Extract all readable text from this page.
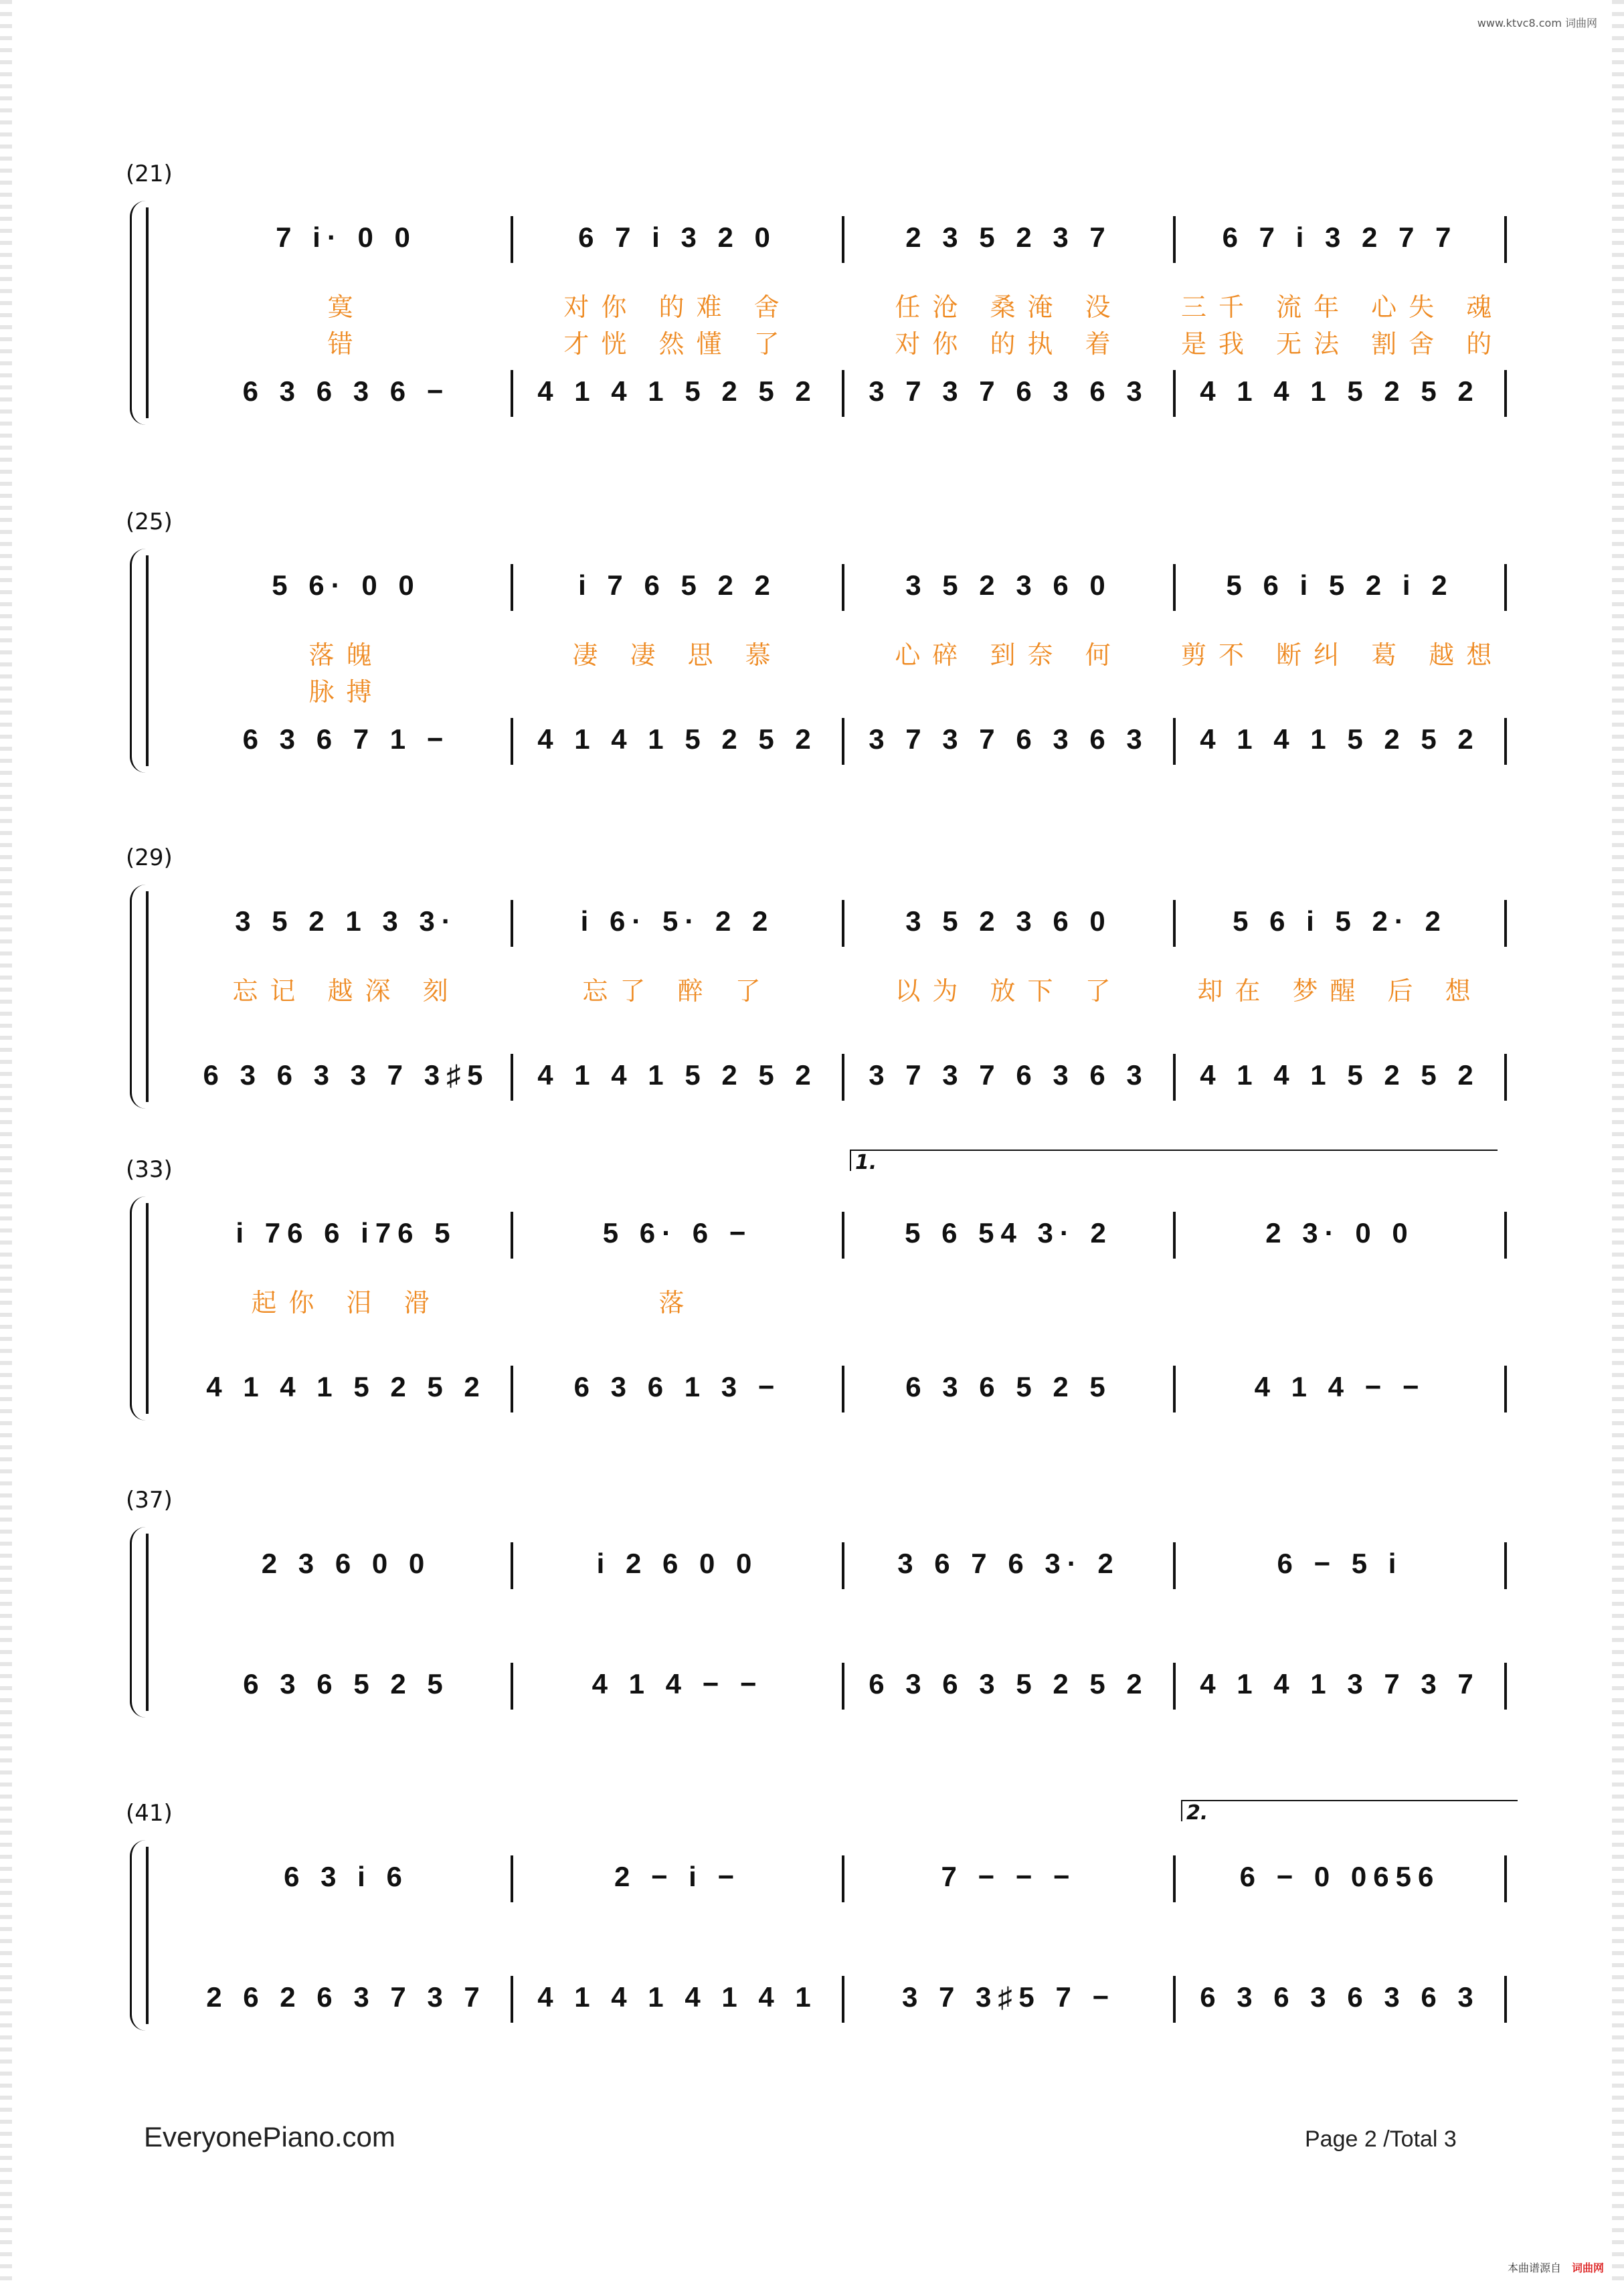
www.ktvc8.com 词曲网
(21)
7 i· 0 0	6 7 i 3 2 0	2 3 5 2 3 7	6 7 i 3 2 7 7
寞	对你 的难 舍	任沧 桑淹 没	三千 流年 心失 魂
错	才恍 然懂 了	对你 的执 着	是我 无法 割舍 的
6 3 6 3 6 −	4 1 4 1 5 2 5 2	3 7 3 7 6 3 6 3	4 1 4 1 5 2 5 2
(25)
5 6· 0 0	i 7 6 5 2 2	3 5 2 3 6 0	5 6 i 5 2 i 2
落魄	凄 凄 思 慕	心碎 到奈 何	剪不 断纠 葛 越想
脉搏
6 3 6 7 1 −	4 1 4 1 5 2 5 2	3 7 3 7 6 3 6 3	4 1 4 1 5 2 5 2
(29)
3 5 2 1 3 3·	i 6· 5· 2 2	3 5 2 3 6 0	5 6 i 5 2· 2
忘记 越深 刻	忘了 醉 了	以为 放下 了	却在 梦醒 后 想
6 3 6 3 3 7 3♯5	4 1 4 1 5 2 5 2	3 7 3 7 6 3 6 3	4 1 4 1 5 2 5 2
(33)	1.
i 76 6 i76 5	5 6· 6 −	5 6 54 3· 2	2 3· 0 0
起你 泪 滑	落
4 1 4 1 5 2 5 2	6 3 6 1 3 −	6 3 6 5 2 5	4 1 4 − −
(37)
2 3 6 0 0	i 2 6 0 0	3 6 7 6 3· 2	6 − 5 i
6 3 6 5 2 5	4 1 4 − −	6 3 6 3 5 2 5 2	4 1 4 1 3 7 3 7
(41)	2.
6 3 i 6	2 − i −	7 − − −	6 − 0 0656
2 6 2 6 3 7 3 7	4 1 4 1 4 1 4 1	3 7 3♯5 7 −	6 3 6 3 6 3 6 3
EveryonePiano.com	Page 2 /Total 3
本曲谱源自 词曲网
